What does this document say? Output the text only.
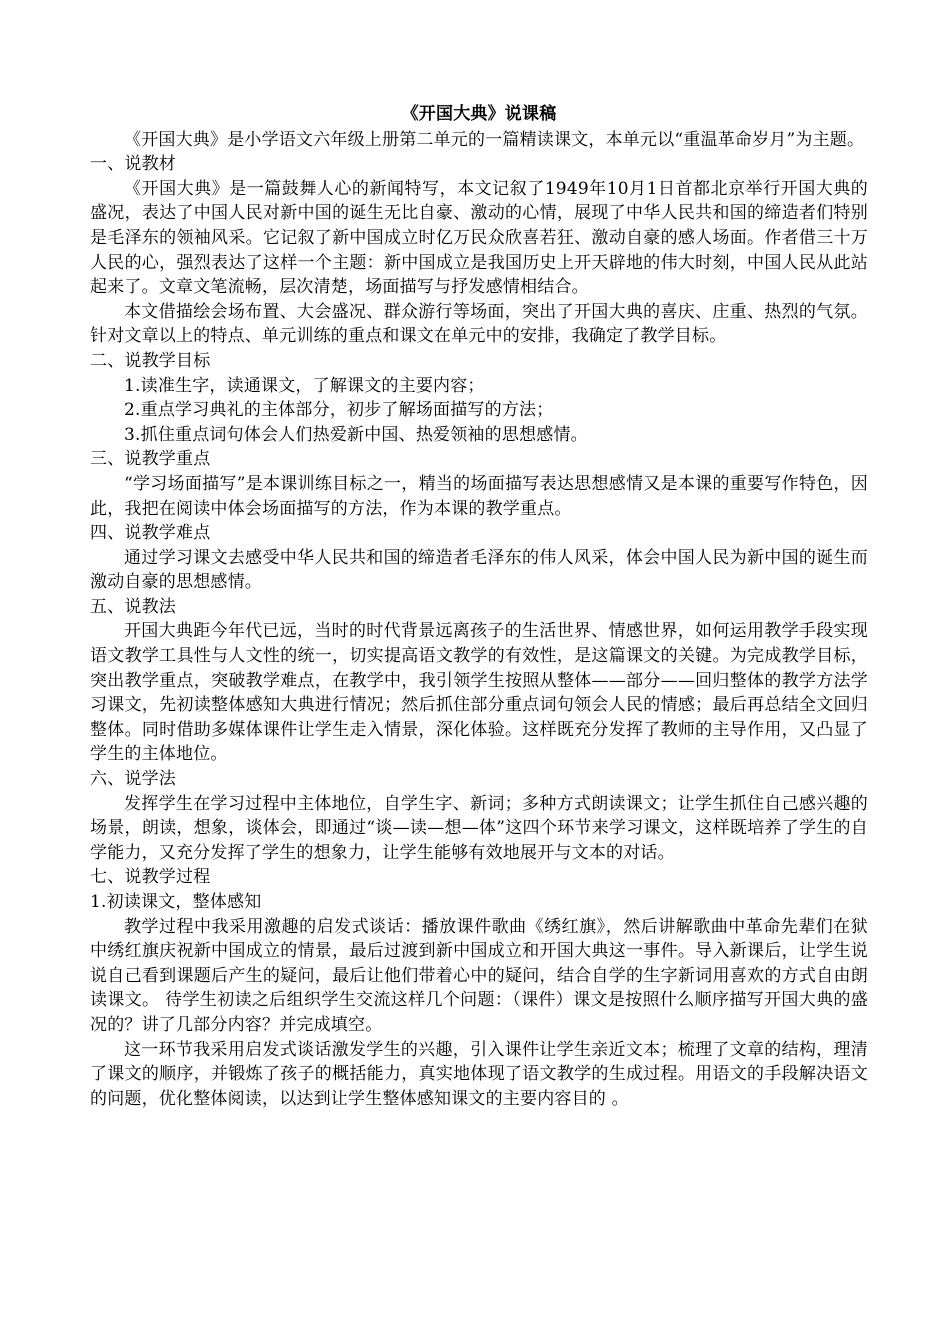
《开国大典》说课稿

《开国大典》是小学语文六年级上册第二单元的一篇精读课文，本单元以“重温革命岁月”为主题。

一、说教材

《开国大典》是一篇鼓舞人心的新闻特写，本文记叙了1949年10月1日首都北京举行开国大典的盛况，表达了中国人民对新中国的诞生无比自豪、激动的心情，展现了中华人民共和国的缔造者们特别是毛泽东的领袖风采。它记叙了新中国成立时亿万民众欣喜若狂、激动自豪的感人场面。作者借三十万人民的心，强烈表达了这样一个主题：新中国成立是我国历史上开天辟地的伟大时刻，中国人民从此站起来了。文章文笔流畅，层次清楚，场面描写与抒发感情相结合。

本文借描绘会场布置、大会盛况、群众游行等场面，突出了开国大典的喜庆、庄重、热烈的气氛。针对文章以上的特点、单元训练的重点和课文在单元中的安排，我确定了教学目标。

二、说教学目标

1.读准生字，读通课文，了解课文的主要内容；

2.重点学习典礼的主体部分，初步了解场面描写的方法；

3.抓住重点词句体会人们热爱新中国、热爱领袖的思想感情。

三、说教学重点

“学习场面描写”是本课训练目标之一，精当的场面描写表达思想感情又是本课的重要写作特色，因此，我把在阅读中体会场面描写的方法，作为本课的教学重点。

四、说教学难点

通过学习课文去感受中华人民共和国的缔造者毛泽东的伟人风采，体会中国人民为新中国的诞生而激动自豪的思想感情。

五、说教法

开国大典距今年代已远，当时的时代背景远离孩子的生活世界、情感世界，如何运用教学手段实现语文教学工具性与人文性的统一，切实提高语文教学的有效性，是这篇课文的关键。为完成教学目标，突出教学重点，突破教学难点，在教学中，我引领学生按照从整体——部分——回归整体的教学方法学习课文，先初读整体感知大典进行情况；然后抓住部分重点词句领会人民的情感；最后再总结全文回归整体。同时借助多媒体课件让学生走入情景，深化体验。这样既充分发挥了教师的主导作用，又凸显了学生的主体地位。

六、说学法

发挥学生在学习过程中主体地位，自学生字、新词；多种方式朗读课文；让学生抓住自己感兴趣的场景，朗读，想象，谈体会，即通过“谈—读—想—体”这四个环节来学习课文，这样既培养了学生的自学能力，又充分发挥了学生的想象力，让学生能够有效地展开与文本的对话。

七、说教学过程

1.初读课文，整体感知

教学过程中我采用激趣的启发式谈话：播放课件歌曲《绣红旗》，然后讲解歌曲中革命先辈们在狱中绣红旗庆祝新中国成立的情景，最后过渡到新中国成立和开国大典这一事件。导入新课后，让学生说说自己看到课题后产生的疑问，最后让他们带着心中的疑问，结合自学的生字新词用喜欢的方式自由朗读课文。 待学生初读之后组织学生交流这样几个问题：（课件）课文是按照什么顺序描写开国大典的盛况的？讲了几部分内容？并完成填空。

这一环节我采用启发式谈话激发学生的兴趣，引入课件让学生亲近文本；梳理了文章的结构，理清了课文的顺序，并锻炼了孩子的概括能力，真实地体现了语文教学的生成过程。用语文的手段解决语文的问题，优化整体阅读，以达到让学生整体感知课文的主要内容目的 。
